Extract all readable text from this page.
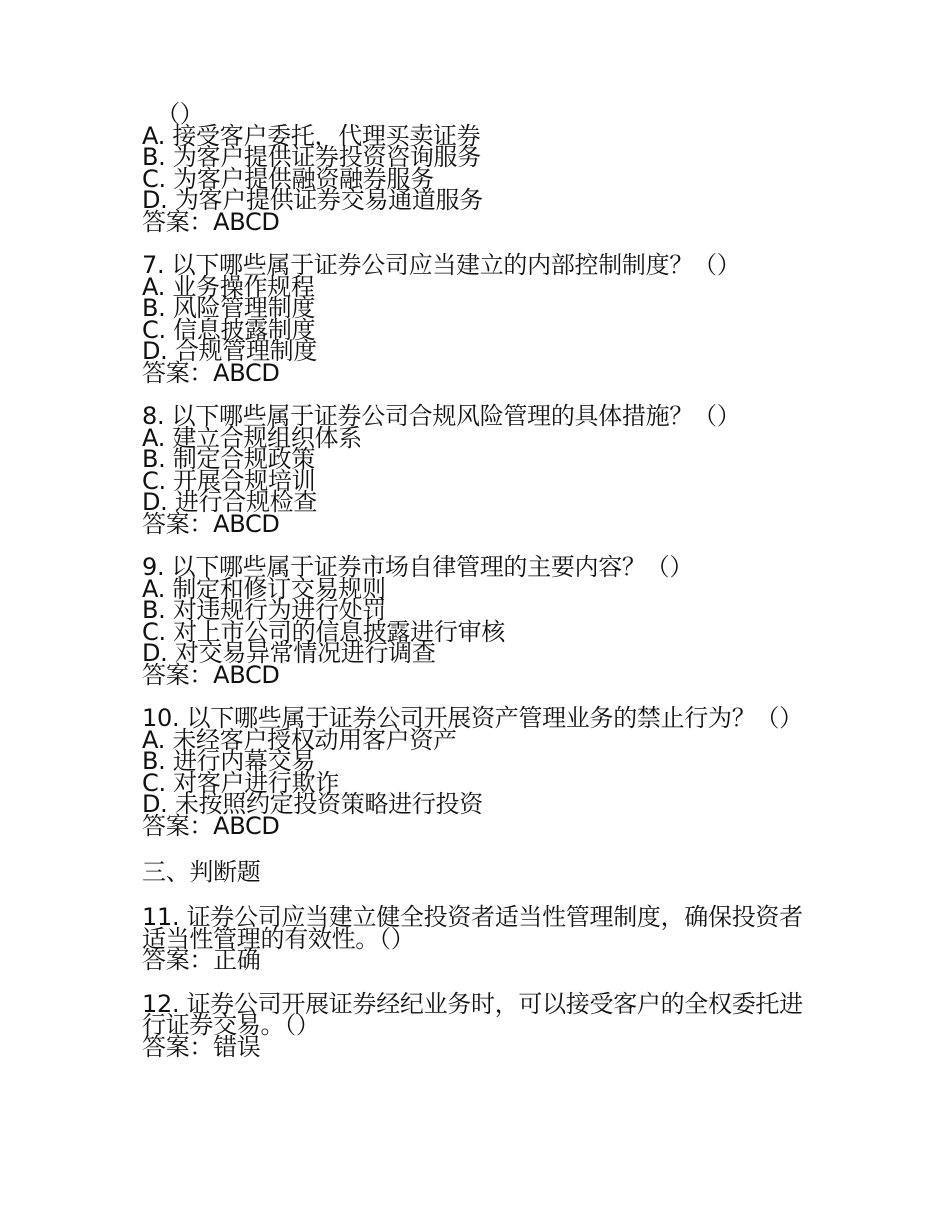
（）
A. 接受客户委托，代理买卖证券
B. 为客户提供证券投资咨询服务
C. 为客户提供融资融券服务
D. 为客户提供证券交易通道服务
答案：ABCD
7. 以下哪些属于证券公司应当建立的内部控制制度？（）
A. 业务操作规程
B. 风险管理制度
C. 信息披露制度
D. 合规管理制度
答案：ABCD
8. 以下哪些属于证券公司合规风险管理的具体措施？（）
A. 建立合规组织体系
B. 制定合规政策
C. 开展合规培训
D. 进行合规检查
答案：ABCD
9. 以下哪些属于证券市场自律管理的主要内容？（）
A. 制定和修订交易规则
B. 对违规行为进行处罚
C. 对上市公司的信息披露进行审核
D. 对交易异常情况进行调查
答案：ABCD
10. 以下哪些属于证券公司开展资产管理业务的禁止行为？（）
A. 未经客户授权动用客户资产
B. 进行内幕交易
C. 对客户进行欺诈
D. 未按照约定投资策略进行投资
答案：ABCD
三、判断题
11. 证券公司应当建立健全投资者适当性管理制度，确保投资者适当性管理的有效性。（）
答案：正确
12. 证券公司开展证券经纪业务时，可以接受客户的全权委托进行证券交易。（）
答案：错误
